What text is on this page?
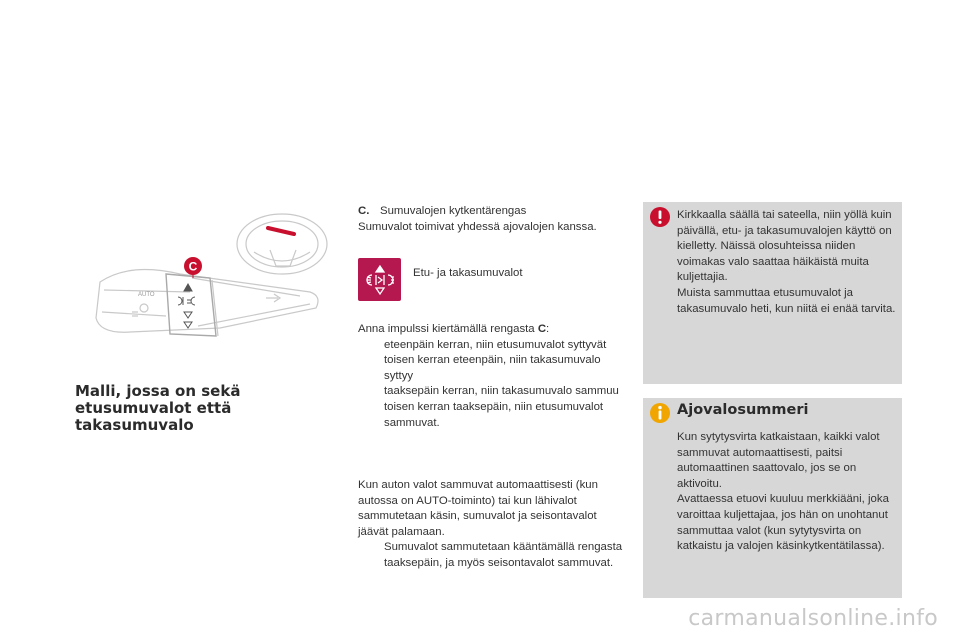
C
AUTO
Malli, jossa on sekä
etusumuvalot että takasumuvalo

C. Sumuvalojen kytkentärengas

Sumuvalot toimivat yhdessä ajovalojen kanssa.

Etu- ja takasumuvalot

Anna impulssi kiertämällä rengasta C:

eteenpäin kerran, niin etusumuvalot syttyvät
toisen kerran eteenpäin, niin takasumuvalo syttyy
taaksepäin kerran, niin takasumuvalo sammuu
toisen kerran taaksepäin, niin etusumuvalot sammuvat.

Kun auton valot sammuvat automaattisesti (kun autossa on AUTO-toiminto) tai kun lähivalot sammutetaan käsin, sumuvalot ja seisontavalot jäävät palamaan.

Sumuvalot sammutetaan kääntämällä rengasta taaksepäin, ja myös seisontavalot sammuvat.

Kirkkaalla säällä tai sateella, niin yöllä kuin päivällä, etu- ja takasumuvalojen käyttö on kielletty. Näissä olosuhteissa niiden voimakas valo saattaa häikäistä muita kuljettajia.

Muista sammuttaa etusumuvalot ja takasumuvalo heti, kun niitä ei enää tarvita.

Ajovalosummeri

Kun sytytysvirta katkaistaan, kaikki valot sammuvat automaattisesti, paitsi automaattinen saattovalo, jos se on aktivoitu.

Avattaessa etuovi kuuluu merkkiääni, joka varoittaa kuljettajaa, jos hän on unohtanut sammuttaa valot (kun sytytysvirta on katkaistu ja valojen käsinkytkentätilassa).

carmanualsonline.info
